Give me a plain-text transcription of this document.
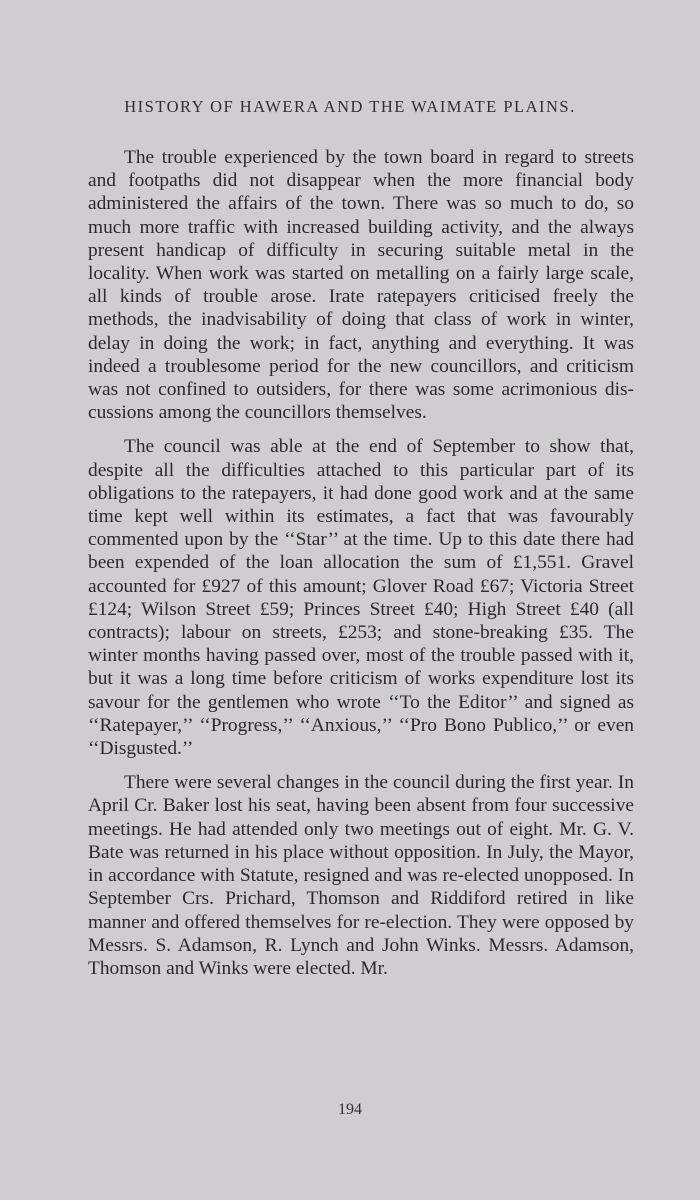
HISTORY OF HAWERA AND THE WAIMATE PLAINS.

The trouble experienced by the town board in regard to streets and footpaths did not disappear when the more financial body administered the affairs of the town. There was so much to do, so much more traffic with increased building activity, and the always present handicap of difficulty in securing suitable metal in the locality. When work was started on metalling on a fairly large scale, all kinds of trouble arose. Irate ratepayers criticised freely the methods, the inadvisability of doing that class of work in winter, delay in doing the work; in fact, anything and everything. It was indeed a troublesome period for the new councillors, and criticism was not confined to outsiders, for there was some acrimonious discussions among the councillors themselves.

The council was able at the end of September to show that, despite all the difficulties attached to this particular part of its obligations to the ratepayers, it had done good work and at the same time kept well within its estimates, a fact that was favourably commented upon by the ‘‘Star’’ at the time. Up to this date there had been expended of the loan allocation the sum of £1,551. Gravel accounted for £927 of this amount; Glover Road £67; Victoria Street £124; Wilson Street £59; Princes Street £40; High Street £40 (all contracts); labour on streets, £253; and stone-breaking £35. The winter months having passed over, most of the trouble passed with it, but it was a long time before criticism of works expenditure lost its savour for the gentlemen who wrote ‘‘To the Editor’’ and signed as ‘‘Ratepayer,’’ ‘‘Progress,’’ ‘‘Anxious,’’ ‘‘Pro Bono Publico,’’ or even ‘‘Disgusted.’’

There were several changes in the council during the first year. In April Cr. Baker lost his seat, having been absent from four successive meetings. He had attended only two meetings out of eight. Mr. G. V. Bate was returned in his place without opposition. In July, the Mayor, in accordance with Statute, resigned and was re-elected unopposed. In September Crs. Prichard, Thomson and Riddiford retired in like manner and offered themselves for re-election. They were opposed by Messrs. S. Adamson, R. Lynch and John Winks. Messrs. Adamson, Thomson and Winks were elected. Mr.

194
